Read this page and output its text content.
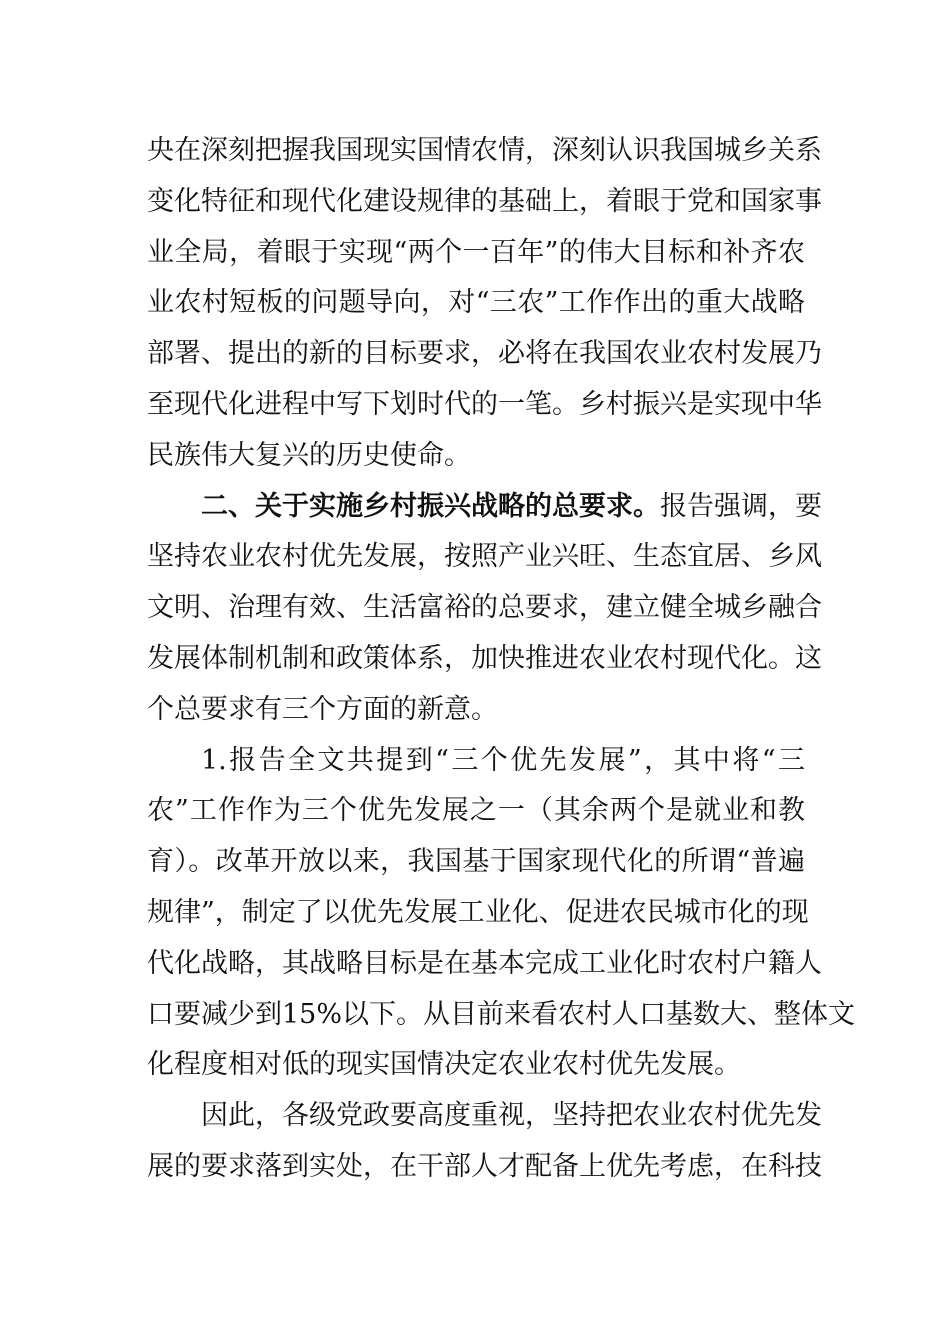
央在深刻把握我国现实国情农情，深刻认识我国城乡关系
变化特征和现代化建设规律的基础上，着眼于党和国家事
业全局，着眼于实现“两个一百年”的伟大目标和补齐农
业农村短板的问题导向，对“三农”工作作出的重大战略
部署、提出的新的目标要求，必将在我国农业农村发展乃
至现代化进程中写下划时代的一笔。乡村振兴是实现中华
民族伟大复兴的历史使命。
二、关于实施乡村振兴战略的总要求。报告强调，要
坚持农业农村优先发展，按照产业兴旺、生态宜居、乡风
文明、治理有效、生活富裕的总要求，建立健全城乡融合
发展体制机制和政策体系，加快推进农业农村现代化。这
个总要求有三个方面的新意。
1.报告全文共提到“三个优先发展”，其中将“三
农”工作作为三个优先发展之一（其余两个是就业和教
育）。改革开放以来，我国基于国家现代化的所谓“普遍
规律”，制定了以优先发展工业化、促进农民城市化的现
代化战略，其战略目标是在基本完成工业化时农村户籍人
口要减少到15%以下。从目前来看农村人口基数大、整体文
化程度相对低的现实国情决定农业农村优先发展。
因此，各级党政要高度重视，坚持把农业农村优先发
展的要求落到实处，在干部人才配备上优先考虑，在科技
